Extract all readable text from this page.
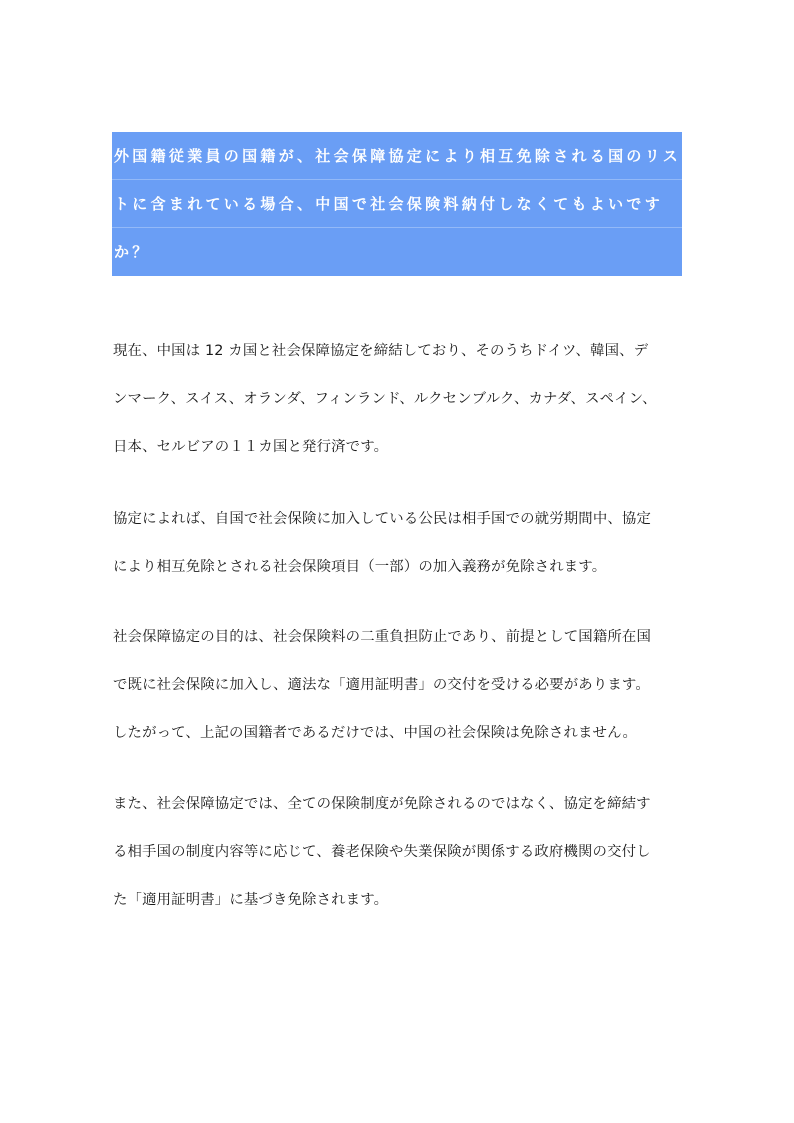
外国籍従業員の国籍が、社会保障協定により相互免除される国のリス
トに含まれている場合、中国で社会保険料納付しなくてもよいです
か？
現在、中国は 12 カ国と社会保障協定を締結しており、そのうちドイツ、韓国、デ
ンマーク、スイス、オランダ、フィンランド、ルクセンブルク、カナダ、スペイン、
日本、セルビアの１１カ国と発行済です。
協定によれば、自国で社会保険に加入している公民は相手国での就労期間中、協定
により相互免除とされる社会保険項目（一部）の加入義務が免除されます。
社会保障協定の目的は、社会保険料の二重負担防止であり、前提として国籍所在国
で既に社会保険に加入し、適法な「適用証明書」の交付を受ける必要があります。
したがって、上記の国籍者であるだけでは、中国の社会保険は免除されません。
また、社会保障協定では、全ての保険制度が免除されるのではなく、協定を締結す
る相手国の制度内容等に応じて、養老保険や失業保険が関係する政府機関の交付し
た「適用証明書」に基づき免除されます。
